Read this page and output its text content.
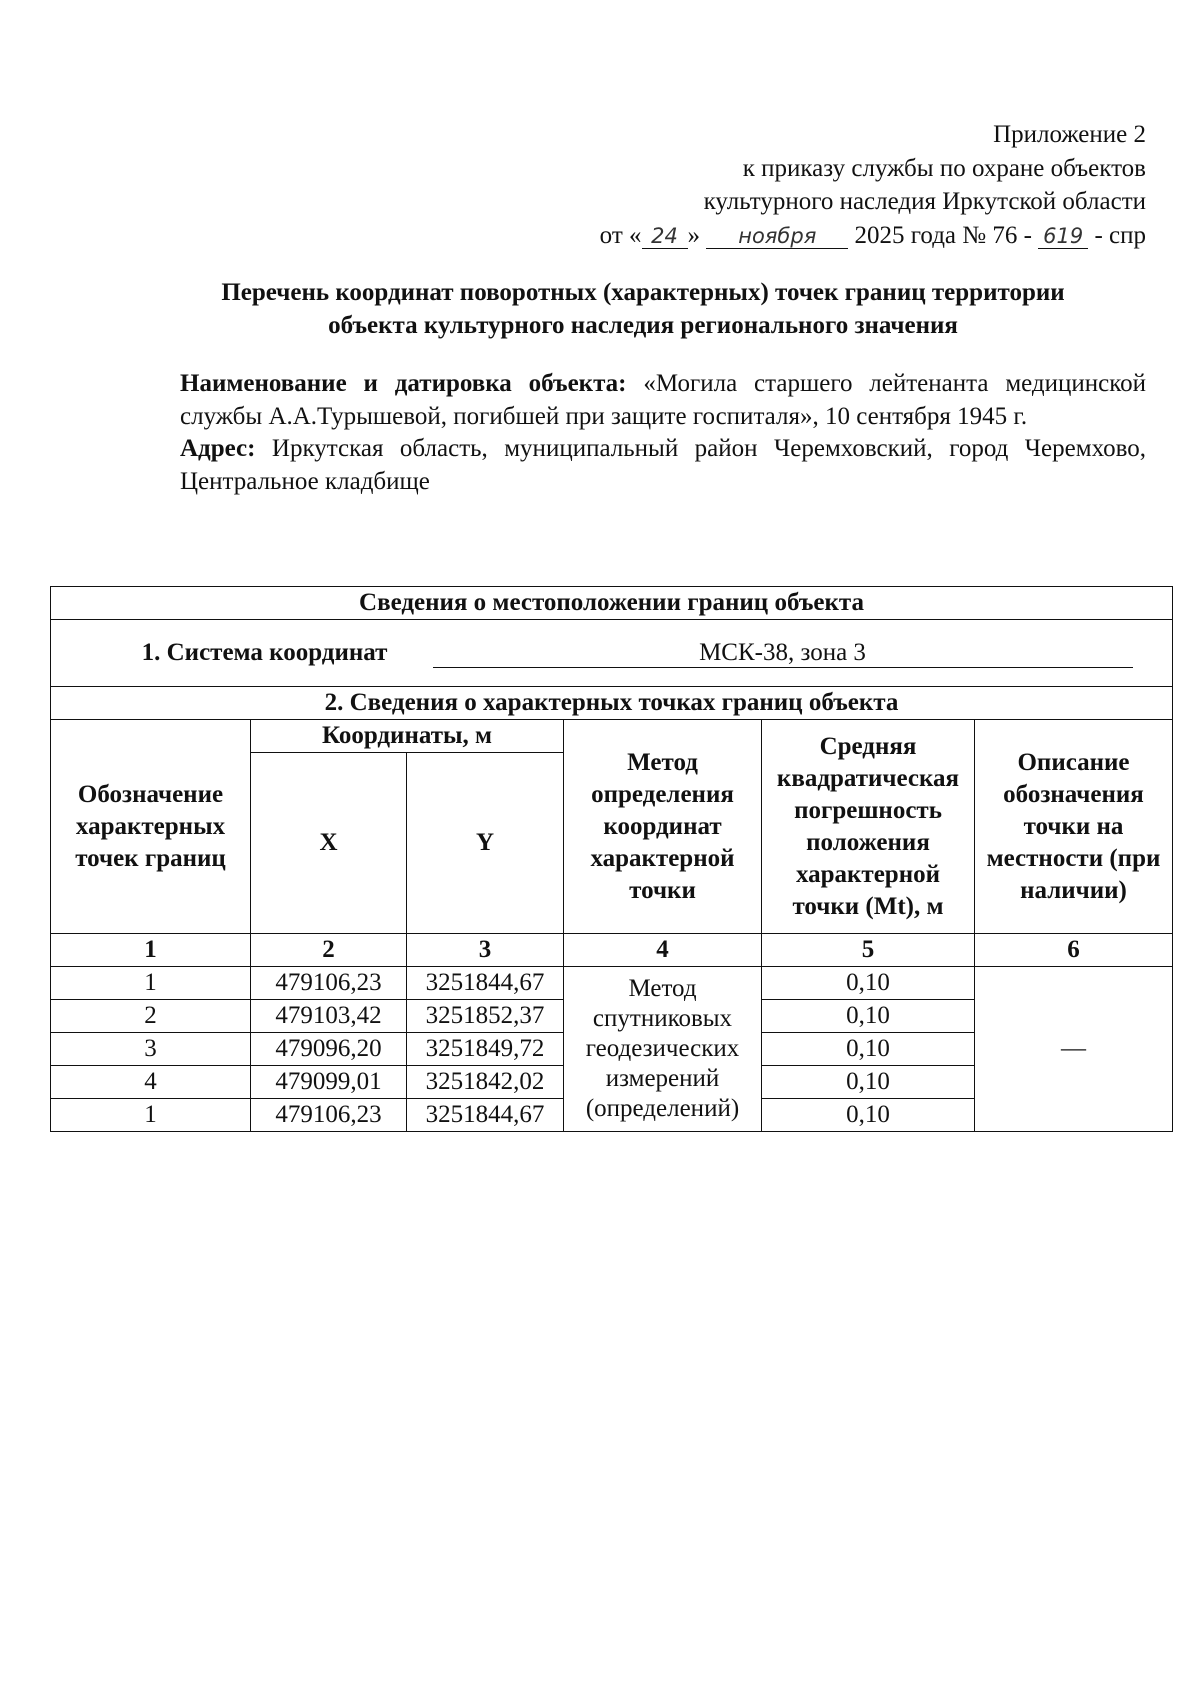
Приложение 2
к приказу службы по охране объектов
культурного наследия Иркутской области
от « 24 » ноября 2025 года № 76 - 619 - спр
Перечень координат поворотных (характерных) точек границ территории
объекта культурного наследия регионального значения

Наименование и датировка объекта: «Могила старшего лейтенанта медицинской службы А.А.Турышевой, погибшей при защите госпиталя», 10 сентября 1945 г.

Адрес: Иркутская область, муниципальный район Черемховский, город Черемхово, Центральное кладбище

Сведения о местоположении границ объекта					
1. Система координат МСК-38, зона 3					
2. Сведения о характерных точках границ объекта					
Обозначение характерных точек границ	Координаты, м		Метод определения координат характерной точки	Средняя квадратическая погрешность положения характерной точки (Mt), м	Описание обозначения точки на местности (при наличии)
	X	Y			
1	2	3	4	5	6
1	479106,23	3251844,67	Метод спутниковых геодезических измерений (определений)	0,10	—
2	479103,42	3251852,37		0,10	
3	479096,20	3251849,72		0,10	
4	479099,01	3251842,02		0,10	
1	479106,23	3251844,67		0,10	
